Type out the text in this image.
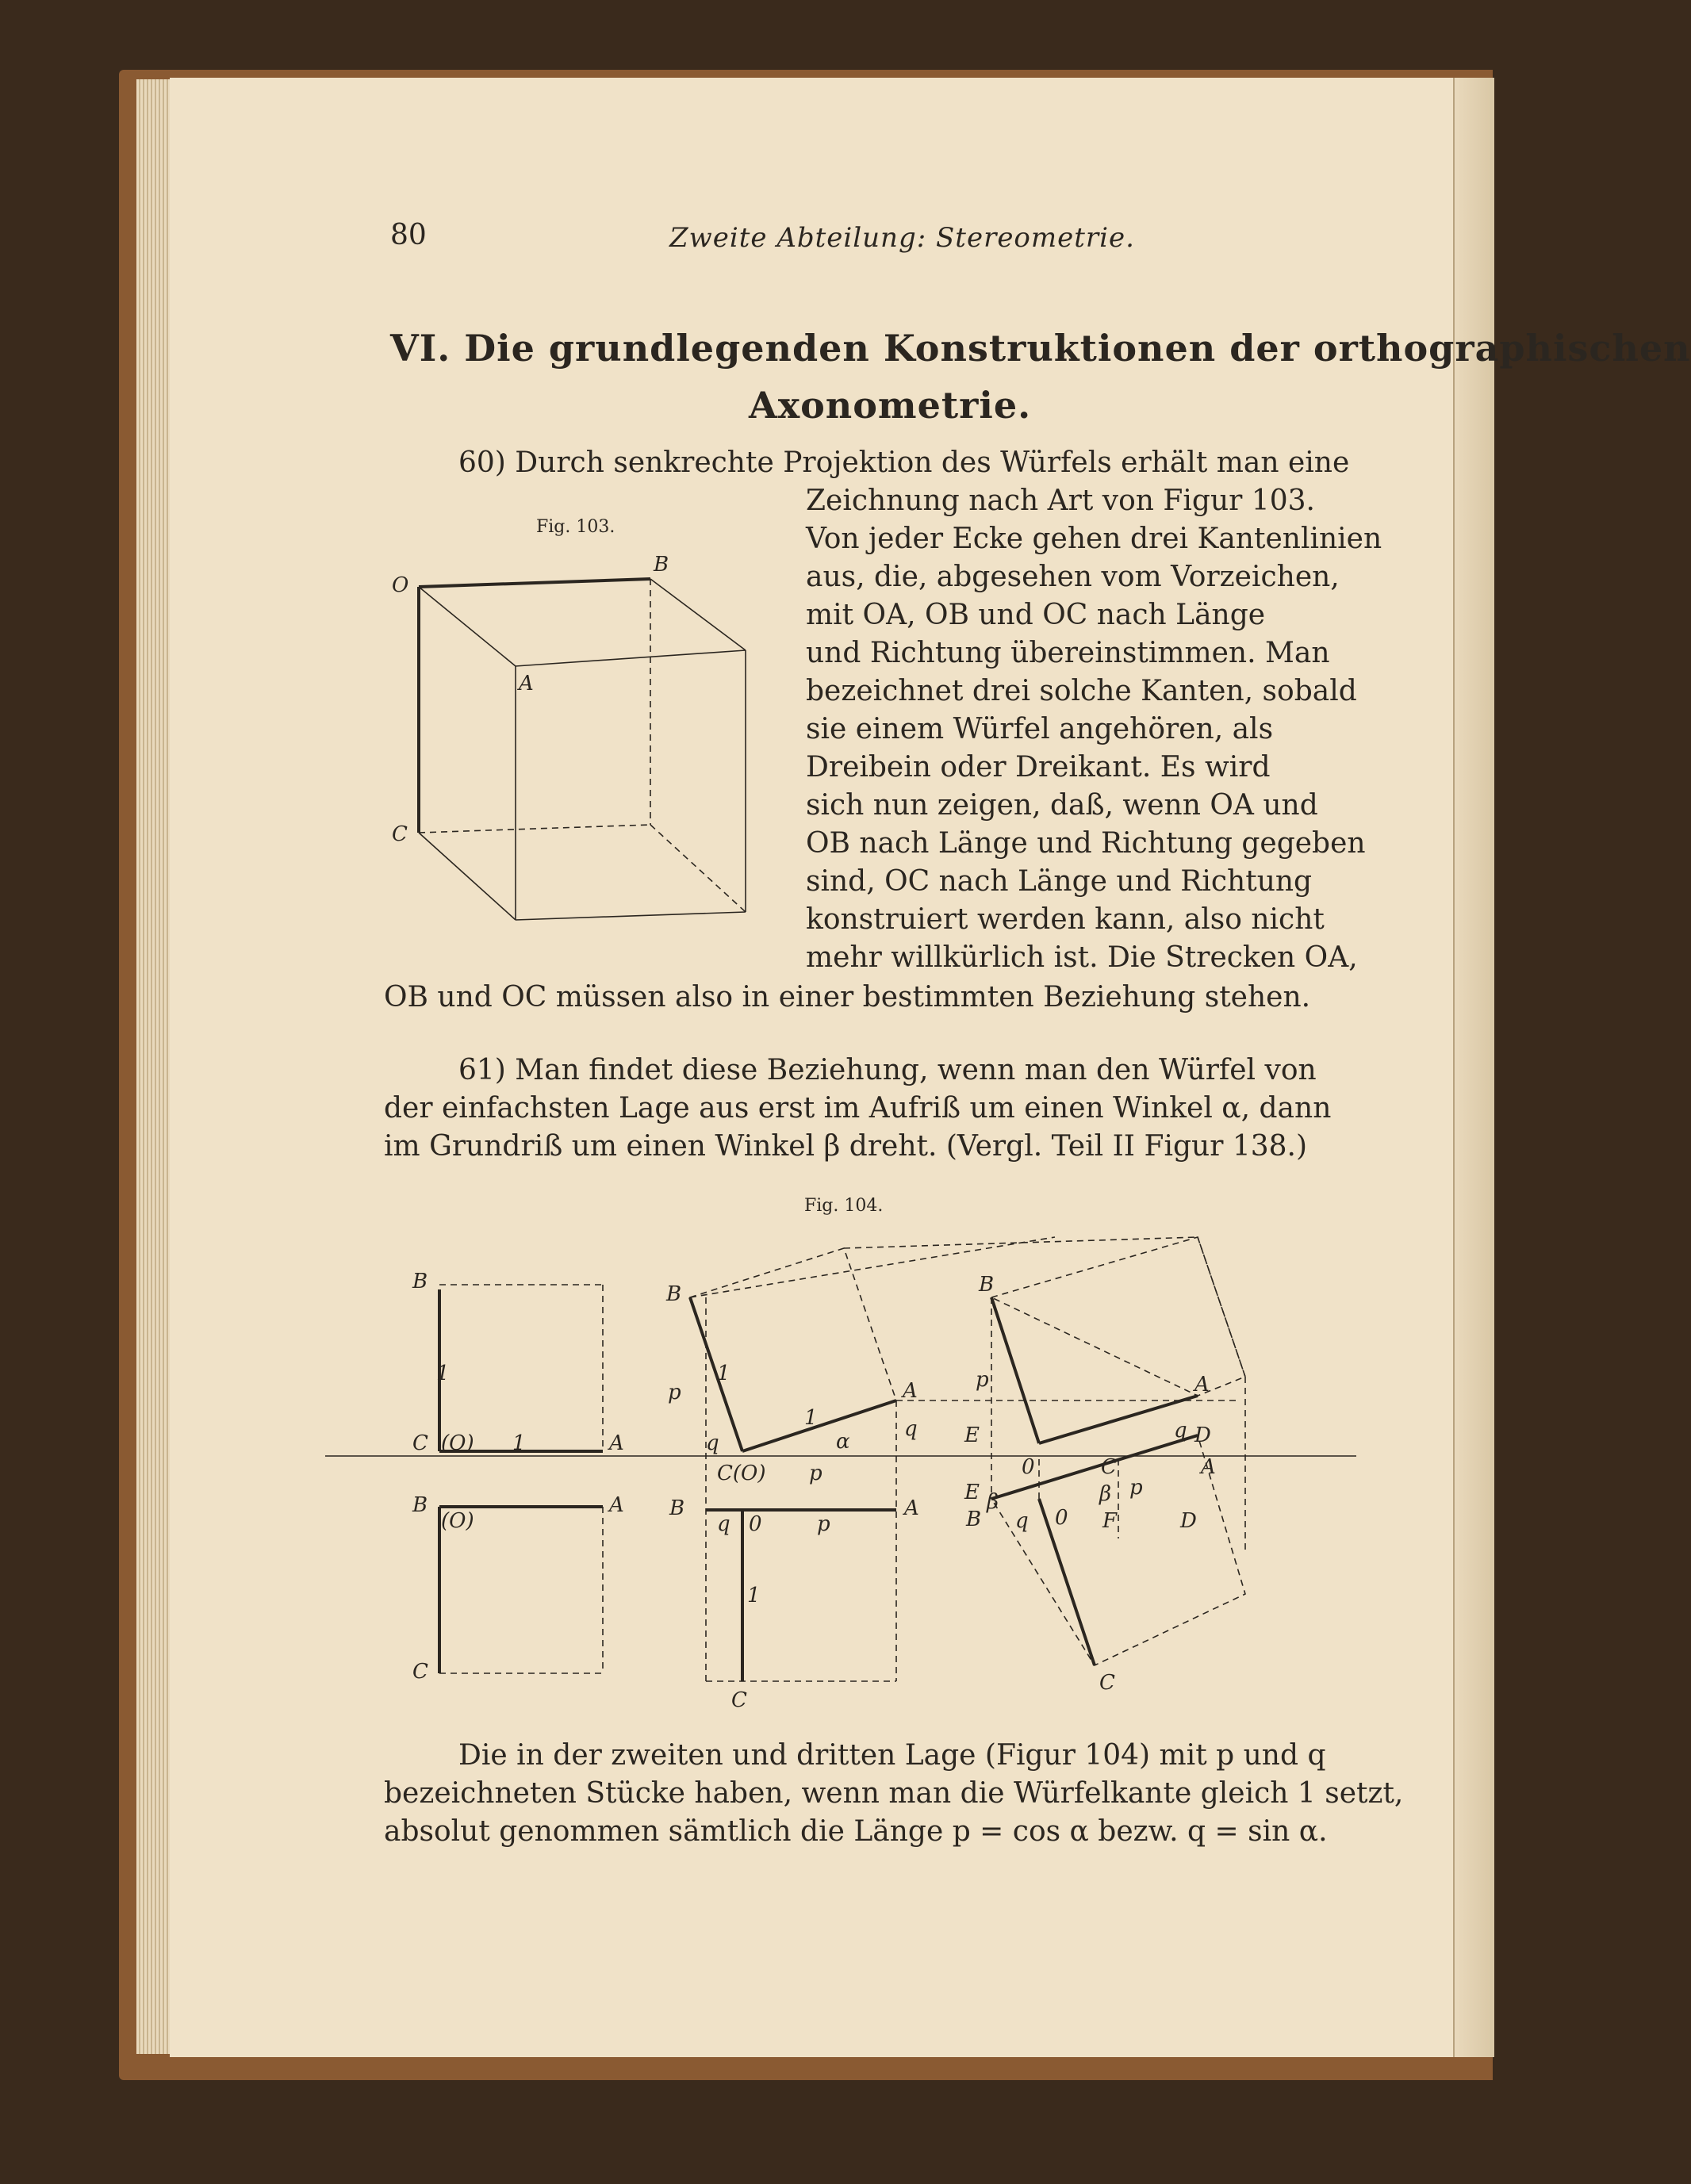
80	Zweite Abteilung: Stereometrie.
VI. Die grundlegenden Konstruktionen der orthographischen
Axonometrie.
60) Durch senkrechte Projektion des Würfels erhält man eine
Zeichnung nach Art von Figur 103.
Von jeder Ecke gehen drei Kantenlinien
aus, die, abgesehen vom Vorzeichen,
mit OA, OB und OC nach Länge
und Richtung übereinstimmen. Man
bezeichnet drei solche Kanten, sobald
sie einem Würfel angehören, als
Dreibein oder Dreikant. Es wird
sich nun zeigen, daß, wenn OA und
OB nach Länge und Richtung gegeben
sind, OC nach Länge und Richtung
konstruiert werden kann, also nicht
mehr willkürlich ist. Die Strecken OA,
OB und OC müssen also in einer bestimmten Beziehung stehen.
Fig. 103.
O
B
A
C
61) Man findet diese Beziehung, wenn man den Würfel von
der einfachsten Lage aus erst im Aufriß um einen Winkel α, dann
im Grundriß um einen Winkel β dreht. (Vergl. Teil II Figur 138.)
Fig. 104.
B
1
C (O) 1	A
B
(O)
A
C
B
p
1
q
1
α
A
q
C(O) p
B
q 0	p
A
1
C
B
p	A
E	q D
0	C	A
E β	β p
B q 0 F	D
C
Die in der zweiten und dritten Lage (Figur 104) mit p und q
bezeichneten Stücke haben, wenn man die Würfelkante gleich 1 setzt,
absolut genommen sämtlich die Länge p = cos α bezw. q = sin α.
